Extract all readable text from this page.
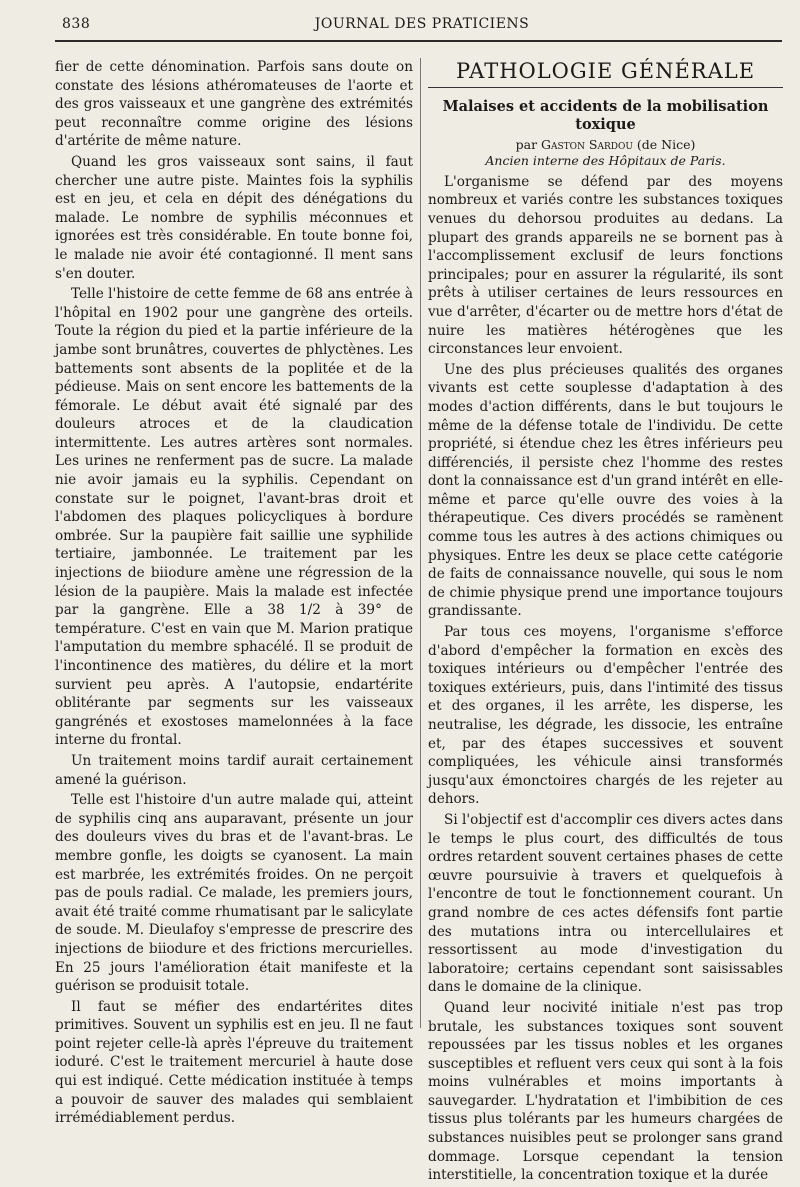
838	JOURNAL DES PRATICIENS

fier de cette dénomination. Parfois sans doute on constate des lésions athéromateuses de l'aorte et des gros vaisseaux et une gangrène des extrémités peut reconnaître comme origine des lésions d'artérite de même nature.

Quand les gros vaisseaux sont sains, il faut chercher une autre piste. Maintes fois la syphilis est en jeu, et cela en dépit des dénégations du malade. Le nombre de syphilis méconnues et ignorées est très considérable. En toute bonne foi, le malade nie avoir été contagionné. Il ment sans s'en douter.

Telle l'histoire de cette femme de 68 ans entrée à l'hôpital en 1902 pour une gangrène des orteils. Toute la région du pied et la partie inférieure de la jambe sont brunâtres, couvertes de phlyctènes. Les battements sont absents de la poplitée et de la pédieuse. Mais on sent encore les battements de la fémorale. Le début avait été signalé par des douleurs atroces et de la claudication intermittente. Les autres artères sont normales. Les urines ne renferment pas de sucre. La malade nie avoir jamais eu la syphilis. Cependant on constate sur le poignet, l'avant-bras droit et l'abdomen des plaques policycliques à bordure ombrée. Sur la paupière fait saillie une syphilide tertiaire, jambonnée. Le traitement par les injections de biiodure amène une régression de la lésion de la paupière. Mais la malade est infectée par la gangrène. Elle a 38 1/2 à 39° de température. C'est en vain que M. Marion pratique l'amputation du membre sphacélé. Il se produit de l'incontinence des matières, du délire et la mort survient peu après. A l'autopsie, endartérite oblitérante par segments sur les vaisseaux gangrénés et exostoses mamelonnées à la face interne du frontal.

Un traitement moins tardif aurait certainement amené la guérison.

Telle est l'histoire d'un autre malade qui, atteint de syphilis cinq ans auparavant, présente un jour des douleurs vives du bras et de l'avant-bras. Le membre gonfle, les doigts se cyanosent. La main est marbrée, les extrémités froides. On ne perçoit pas de pouls radial. Ce malade, les premiers jours, avait été traité comme rhumatisant par le salicylate de soude. M. Dieulafoy s'empresse de prescrire des injections de biiodure et des frictions mercurielles. En 25 jours l'amélioration était manifeste et la guérison se produisit totale.

Il faut se méfier des endartérites dites primitives. Souvent un syphilis est en jeu. Il ne faut point rejeter celle-là après l'épreuve du traitement ioduré. C'est le traitement mercuriel à haute dose qui est indiqué. Cette médication instituée à temps a pouvoir de sauver des malades qui semblaient irrémédiablement perdus.

PATHOLOGIE GÉNÉRALE
Malaises et accidents de la mobilisation toxique
par Gaston Sardou (de Nice)
Ancien interne des Hôpitaux de Paris.

L'organisme se défend par des moyens nombreux et variés contre les substances toxiques venues du dehorsou produites au dedans. La plupart des grands appareils ne se bornent pas à l'accomplissement exclusif de leurs fonctions principales; pour en assurer la régularité, ils sont prêts à utiliser certaines de leurs ressources en vue d'arrêter, d'écarter ou de mettre hors d'état de nuire les matières hétérogènes que les circonstances leur envoient.

Une des plus précieuses qualités des organes vivants est cette souplesse d'adaptation à des modes d'action différents, dans le but toujours le même de la défense totale de l'individu. De cette propriété, si étendue chez les êtres inférieurs peu différenciés, il persiste chez l'homme des restes dont la connaissance est d'un grand intérêt en elle-même et parce qu'elle ouvre des voies à la thérapeutique. Ces divers procédés se ramènent comme tous les autres à des actions chimiques ou physiques. Entre les deux se place cette catégorie de faits de connaissance nouvelle, qui sous le nom de chimie physique prend une importance toujours grandissante.

Par tous ces moyens, l'organisme s'efforce d'abord d'empêcher la formation en excès des toxiques intérieurs ou d'empêcher l'entrée des toxiques extérieurs, puis, dans l'intimité des tissus et des organes, il les arrête, les disperse, les neutralise, les dégrade, les dissocie, les entraîne et, par des étapes successives et souvent compliquées, les véhicule ainsi transformés jusqu'aux émonctoires chargés de les rejeter au dehors.

Si l'objectif est d'accomplir ces divers actes dans le temps le plus court, des difficultés de tous ordres retardent souvent certaines phases de cette œuvre poursuivie à travers et quelquefois à l'encontre de tout le fonctionnement courant. Un grand nombre de ces actes défensifs font partie des mutations intra ou intercellulaires et ressortissent au mode d'investigation du laboratoire; certains cependant sont saisissables dans le domaine de la clinique.

Quand leur nocivité initiale n'est pas trop brutale, les substances toxiques sont souvent repoussées par les tissus nobles et les organes susceptibles et refluent vers ceux qui sont à la fois moins vulnérables et moins importants à sauvegarder. L'hydratation et l'imbibition de ces tissus plus tolérants par les humeurs chargées de substances nuisibles peut se prolonger sans grand dommage. Lorsque cependant la tension interstitielle, la concentration toxique et la durée
